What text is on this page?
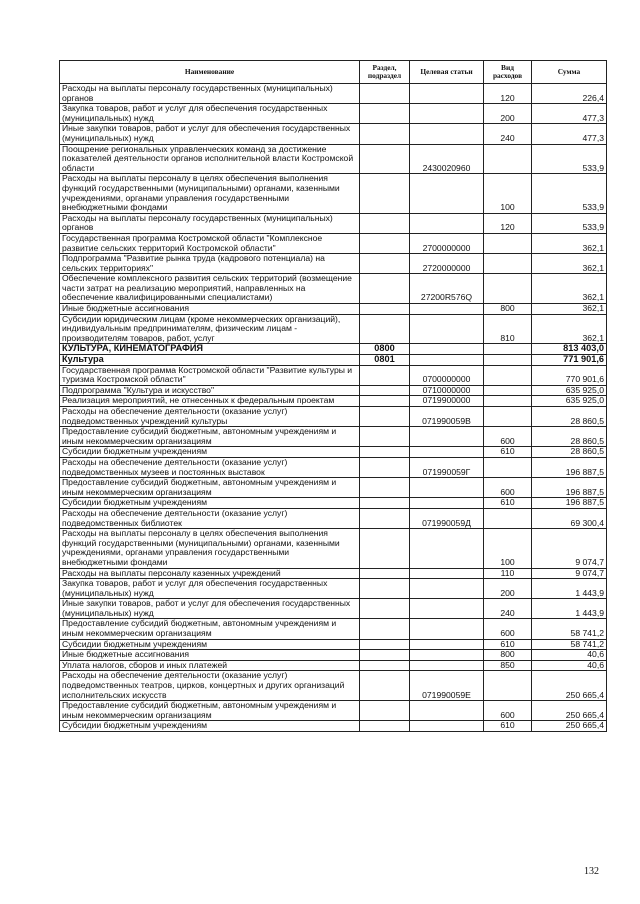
Наименование	Раздел, подраздел	Целевая статьи	Вид расходов	Сумма
Расходы на выплаты персоналу государственных (муниципальных) органов			120	226,4
Закупка товаров, работ и услуг для обеспечения государственных (муниципальных) нужд			200	477,3
Иные закупки товаров, работ и услуг для обеспечения государственных (муниципальных) нужд			240	477,3
Поощрение региональных управленческих команд за достижение показателей деятельности органов исполнительной власти Костромской области		2430020960		533,9
Расходы на выплаты персоналу в целях обеспечения выполнения функций государственными (муниципальными) органами, казенными учреждениями, органами управления государственными внебюджетными фондами			100	533,9
Расходы на выплаты персоналу государственных (муниципальных) органов			120	533,9
Государственная программа Костромской области "Комплексное развитие сельских территорий Костромской области"		2700000000		362,1
Подпрограмма "Развитие рынка труда (кадрового потенциала) на сельских территориях"		2720000000		362,1
Обеспечение комплексного развития сельских территорий (возмещение части затрат на реализацию мероприятий, направленных на обеспечение квалифицированными специалистами)		27200R576Q		362,1
Иные бюджетные ассигнования			800	362,1
Субсидии юридическим лицам (кроме некоммерческих организаций), индивидуальным предпринимателям, физическим лицам - производителям товаров, работ, услуг			810	362,1
КУЛЬТУРА, КИНЕМАТОГРАФИЯ	0800			813 403,0
Культура	0801			771 901,6
Государственная программа Костромской области "Развитие культуры и туризма Костромской области"		0700000000		770 901,6
Подпрограмма "Культура и искусство"		0710000000		635 925,0
Реализация мероприятий, не отнесенных к федеральным проектам		0719900000		635 925,0
Расходы на обеспечение деятельности (оказание услуг) подведомственных учреждений культуры		071990059В		28 860,5
Предоставление субсидий бюджетным, автономным учреждениям и иным некоммерческим организациям			600	28 860,5
Субсидии бюджетным учреждениям			610	28 860,5
Расходы на обеспечение деятельности (оказание услуг) подведомственных музеев и постоянных выставок		071990059Г		196 887,5
Предоставление субсидий бюджетным, автономным учреждениям и иным некоммерческим организациям			600	196 887,5
Субсидии бюджетным учреждениям			610	196 887,5
Расходы на обеспечение деятельности (оказание услуг) подведомственных библиотек		071990059Д		69 300,4
Расходы на выплаты персоналу в целях обеспечения выполнения функций государственными (муниципальными) органами, казенными учреждениями, органами управления государственными внебюджетными фондами			100	9 074,7
Расходы на выплаты персоналу казенных учреждений			110	9 074,7
Закупка товаров, работ и услуг для обеспечения государственных (муниципальных) нужд			200	1 443,9
Иные закупки товаров, работ и услуг для обеспечения государственных (муниципальных) нужд			240	1 443,9
Предоставление субсидий бюджетным, автономным учреждениям и иным некоммерческим организациям			600	58 741,2
Субсидии бюджетным учреждениям			610	58 741,2
Иные бюджетные ассигнования			800	40,6
Уплата налогов, сборов и иных платежей			850	40,6
Расходы на обеспечение деятельности (оказание услуг) подведомственных театров, цирков, концертных и других организаций исполнительских искусств		071990059Е		250 665,4
Предоставление субсидий бюджетным, автономным учреждениям и иным некоммерческим организациям			600	250 665,4
Субсидии бюджетным учреждениям			610	250 665,4
132
